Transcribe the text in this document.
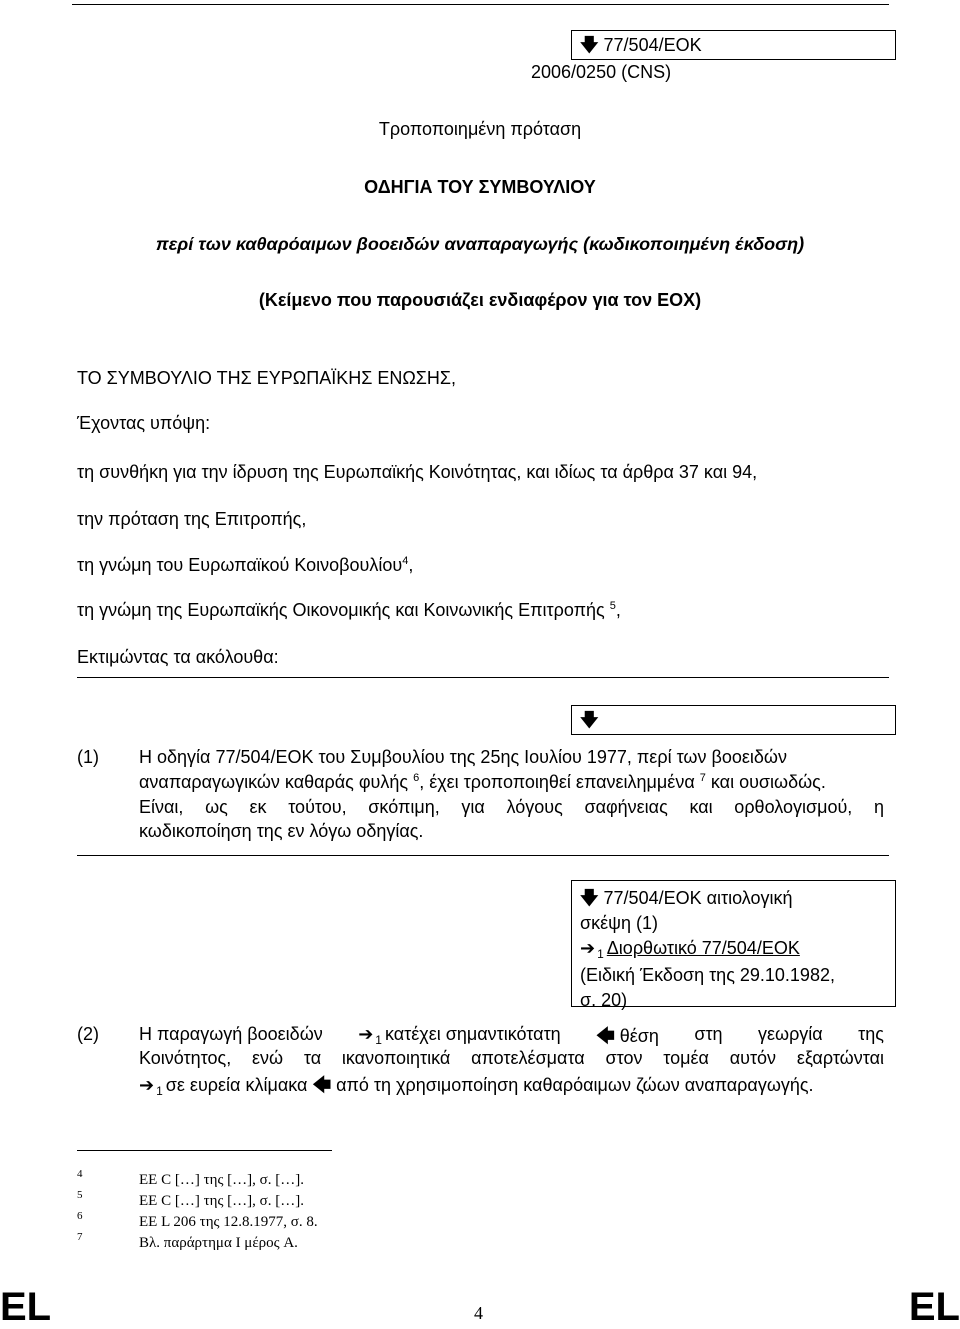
🡇 77/504/ΕΟΚ
2006/0250 (CNS)
Τροποποιημένη πρόταση
ΟΔΗΓΙΑ ΤΟΥ ΣΥΜΒΟΥΛΙΟΥ
περί των καθαρόαιμων βοοειδών αναπαραγωγής (κωδικοποιημένη έκδοση)
(Κείμενο που παρουσιάζει ενδιαφέρον για τον ΕΟΧ)
ΤΟ ΣΥΜΒΟΥΛΙΟ ΤΗΣ ΕΥΡΩΠΑΪΚΗΣ ΕΝΩΣΗΣ,
Έχοντας υπόψη:
τη συνθήκη για την ίδρυση της Ευρωπαϊκής Κοινότητας, και ιδίως τα άρθρα 37 και 94,
την πρόταση της Επιτροπής,
τη γνώμη του Ευρωπαϊκού Κοινοβουλίου$^4$,
τη γνώμη της Ευρωπαϊκής Οικονομικής και Κοινωνικής Επιτροπής $^5$,
Εκτιμώντας τα ακόλουθα:
🡇
(1) Η οδηγία 77/504/ΕΟΚ του Συμβουλίου της 25ης Ιουλίου 1977, περί των βοοειδών
αναπαραγωγικών καθαράς φυλής $^6$, έχει τροποποιηθεί επανειλημμένα $^7$ και ουσιωδώς.
Είναι, ως εκ τούτου, σκόπιμη, για λόγους σαφήνειας και ορθολογισμού, η
κωδικοποίηση της εν λόγω οδηγίας.
🡇 77/504/ΕΟΚ αιτιολογική
σκέψη (1)
➔ $_1$ Διορθωτικό 77/504/ΕΟΚ
(Ειδική Έκδοση της 29.10.1982,
σ. 20)
(2) Η παραγωγή βοοειδών ➔ $_1$ κατέχει σημαντικότατη 🡄 θέση στη γεωργία της
Κοινότητος, ενώ τα ικανοποιητικά αποτελέσματα στον τομέα αυτόν εξαρτώνται
➔ $_1$ σε ευρεία κλίμακα 🡄 από τη χρησιμοποίηση καθαρόαιμων ζώων αναπαραγωγής.
4	ΕΕ C […] της […], σ. […].
5	ΕΕ C […] της […], σ. […].
6	ΕΕ L 206 της 12.8.1977, σ. 8.
7	Βλ. παράρτημα I μέρος A.
EL	4	EL
